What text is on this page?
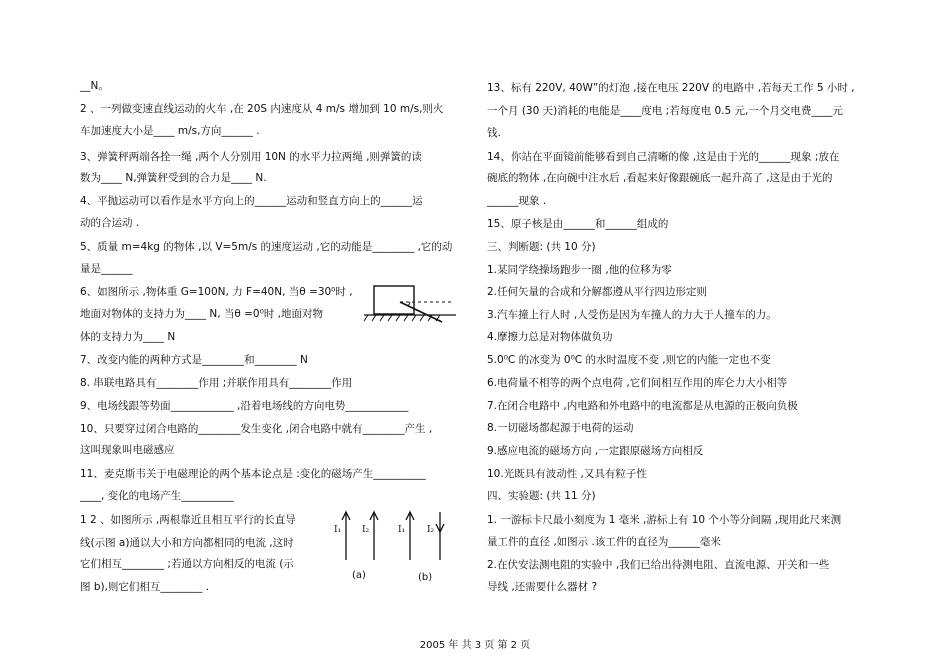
__N。
2 、一列做变速直线运动的火车 ,在 20S 内速度从 4 m/s 增加到 10 m/s,则火
车加速度大小是____ m/s,方向______ .
3、弹簧秤两端各拴一绳 ,两个人分别用 10N 的水平力拉两绳 ,则弹簧的读
数为____ N,弹簧秤受到的合力是____ N.
4、平抛运动可以看作是水平方向上的______运动和竖直方向上的______运
动的合运动 .
5、质量 m=4kg 的物体 ,以 V=5m/s 的速度运动 ,它的动能是________ ,它的动
量是______
6、如图所示 ,物体重 G=100N, 力 F=40N, 当θ =30⁰时 ,
地面对物体的支持力为____ N, 当θ =0⁰时 ,地面对物
体的支持力为____ N
7、改变内能的两种方式是________和________ N
8. 串联电路具有________作用 ;并联作用具有________作用
9、电场线跟等势面____________ ,沿着电场线的方向电势____________
10、只要穿过闭合电路的________发生变化 ,闭合电路中就有________产生 ,
这叫现象叫电磁感应
11、麦克斯韦关于电磁理论的两个基本论点是 :变化的磁场产生__________
____, 变化的电场产生__________
1 2 、如图所示 ,两根靠近且相互平行的长直导
线(示图 a)通以大小和方向都相同的电流 ,这时
它们相互________ ;若通以方向相反的电流 (示
图 b),则它们相互________ .
13、标有 220V, 40W”的灯泡 ,接在电压 220V 的电路中 ,若每天工作 5 小时 ,
一个月 (30 天)消耗的电能是____度电 ;若每度电 0.5 元,一个月交电费____元
钱.
14、你站在平面镜前能够看到自己清晰的像 ,这是由于光的______现象 ;放在
碗底的物体 ,在向碗中注水后 ,看起来好像跟碗底一起升高了 ,这是由于光的
______现象 .
15、原子核是由______和______组成的
三、判断题: (共 10 分)
1.某同学绕操场跑步一圈 ,他的位移为零
2.任何矢量的合成和分解都遵从平行四边形定则
3.汽车撞上行人时 ,人受伤是因为车撞人的力大于人撞车的力。
4.摩擦力总是对物体做负功
5.0⁰C 的冰变为 0⁰C 的水时温度不变 ,则它的内能一定也不变
6.电荷量不相等的两个点电荷 ,它们间相互作用的库仑力大小相等
7.在闭合电路中 ,内电路和外电路中的电流都是从电源的正极向负极
8.一切磁场都起源于电荷的运动
9.感应电流的磁场方向 ,一定跟原磁场方向相反
10.光既具有波动性 ,又具有粒子性
四、实验题: (共 11 分)
1. 一游标卡尺最小刻度为 1 毫米 ,游标上有 10 个小等分间隔 ,现用此尺来测
量工件的直径 ,如图示 .该工件的直径为______毫米
2.在伏安法测电阻的实验中 ,我们已给出待测电阻、直流电源、开关和一些
导线 ,还需要什么器材 ?
I₁ I₂	I₁ I₂
(a)	(b)
2005 年 共 3 页 第 2 页
